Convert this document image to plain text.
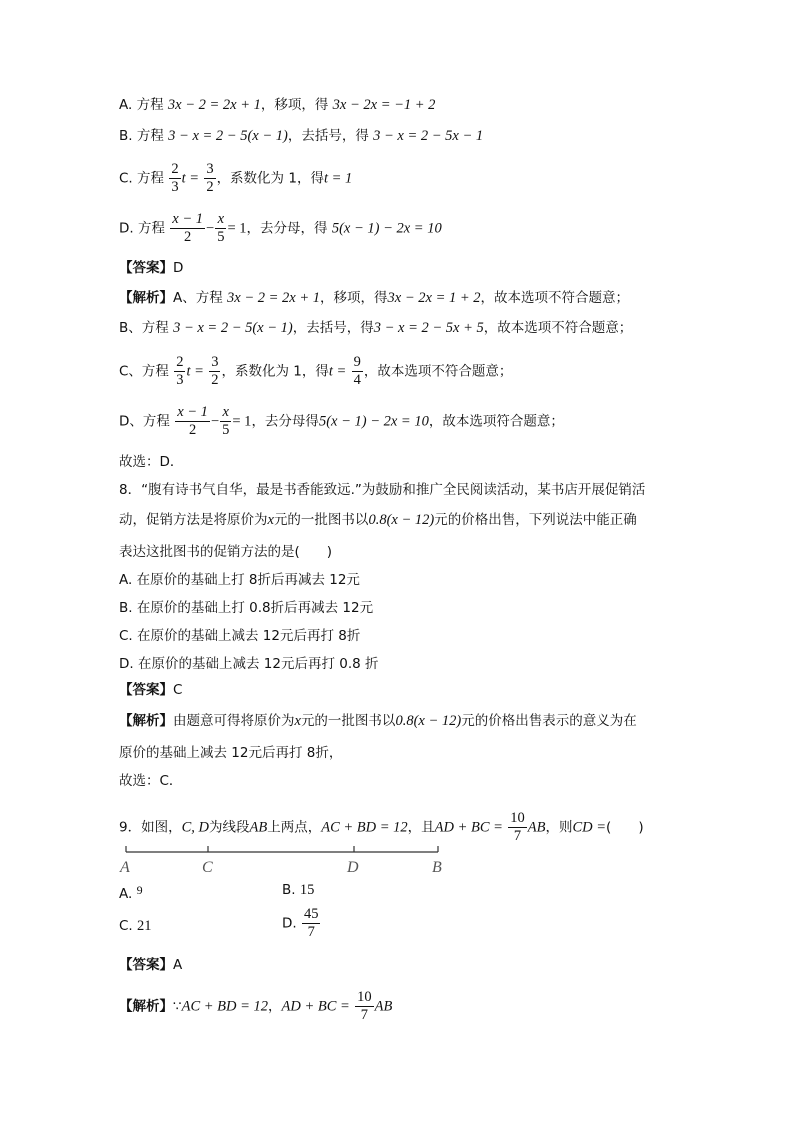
A. 方程 3x − 2 = 2x + 1，移项，得 3x − 2x = −1 + 2
B. 方程 3 − x = 2 − 5(x − 1)，去括号，得 3 − x = 2 − 5x − 1
C. 方程 $\frac{2}{3}$ $t = \frac{3}{2}$ ，系数化为 1，得t = 1
D. 方程 $\frac{x - 1}{2} - \frac{x}{5} = 1$，去分母，得 5(x − 1) − 2x = 10
【答案】D
【解析】A、方程 3x − 2 = 2x + 1，移项，得3x − 2x = 1 + 2，故本选项不符合题意；
B、方程 3 − x = 2 − 5(x − 1)，去括号，得3 − x = 2 − 5x + 5，故本选项不符合题意；
C、方程 $\frac{2}{3}$ $t = \frac{3}{2}$ ，系数化为 1，得$t = \frac{9}{4}$ ，故本选项不符合题意；
D、方程 $\frac{x - 1}{2} - \frac{x}{5} = 1$，去分母得5(x − 1) − 2x = 10，故本选项符合题意；
故选：D．
8．“腹有诗书气自华，最是书香能致远.”为鼓励和推广全民阅读活动，某书店开展促销活
动，促销方法是将原价为x元的一批图书以0.8(x − 12)元的价格出售，下列说法中能正确
表达这批图书的促销方法的是(　　)
A. 在原价的基础上打 8折后再减去 12元
B. 在原价的基础上打 0.8折后再减去 12元
C. 在原价的基础上减去 12元后再打 8折
D. 在原价的基础上减去 12元后再打 0.8 折
【答案】C
【解析】由题意可得将原价为x元的一批图书以0.8(x − 12)元的价格出售表示的意义为在
原价的基础上减去 12元后再打 8折，
故选：C．
9．如图，C, D为线段AB上两点，AC + BD = 12，且AD + BC = $\frac{10}{7}$ AB，则CD =(　　)
A	C	D	B
A. 9	B. 15
C. 21	D. $\frac{45}{7}$
【答案】A
【解析】∵AC + BD = 12，AD + BC = $\frac{10}{7}$ AB
